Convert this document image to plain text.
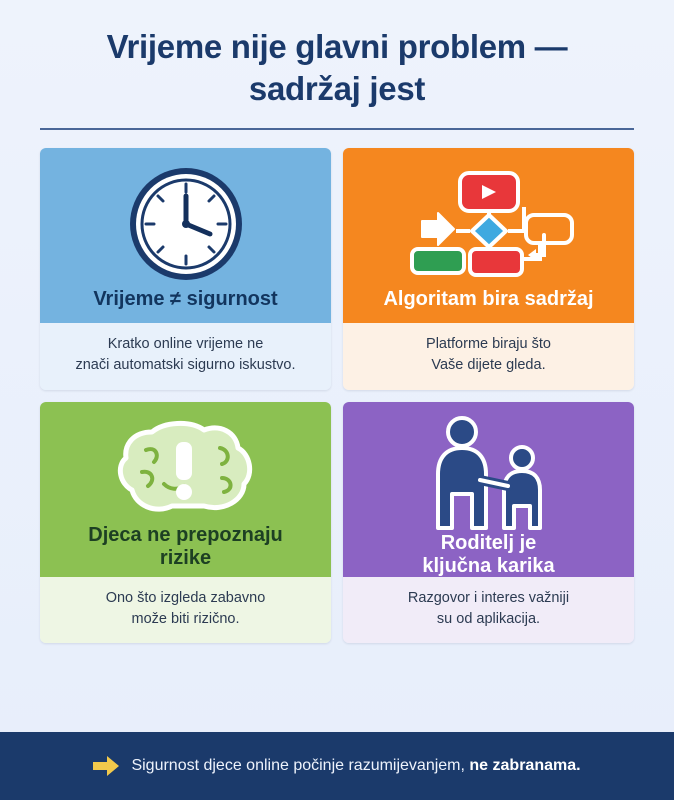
Vrijeme nije glavni problem —
sadržaj jest
Vrijeme ≠ sigurnost
Kratko online vrijeme ne
znači automatski sigurno iskustvo.
Algoritam bira sadržaj
Platforme biraju što
Vaše dijete gleda.
Djeca ne prepoznaju
rizike
Ono što izgleda zabavno
može biti rizično.
Roditelj je
ključna karika
Razgovor i interes važniji
su od aplikacija.
Sigurnost djece online počinje razumijevanjem, ne zabranama.
